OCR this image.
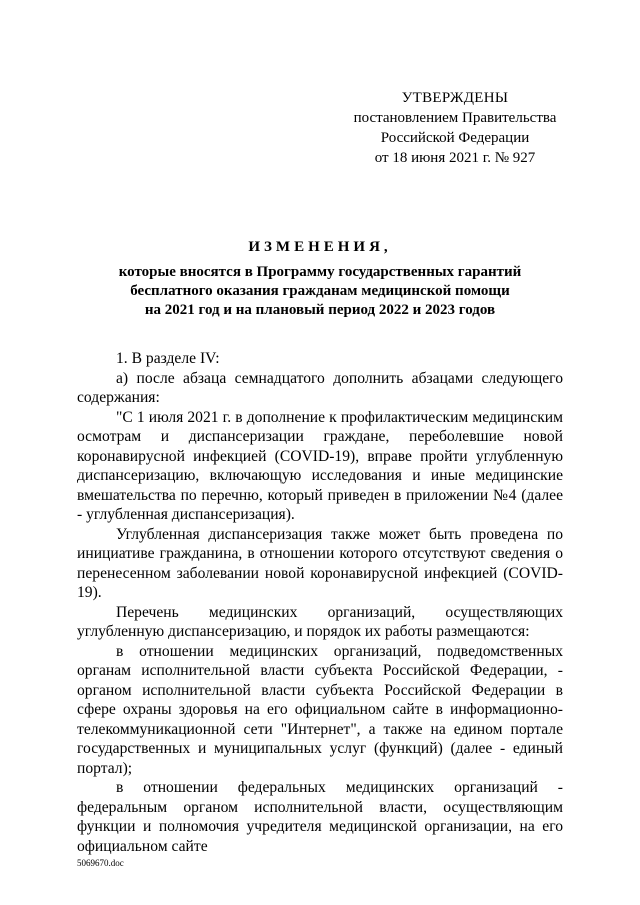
УТВЕРЖДЕНЫ
постановлением Правительства
Российской Федерации
от 18 июня 2021 г. № 927
ИЗМЕНЕНИЯ,
которые вносятся в Программу государственных гарантий
бесплатного оказания гражданам медицинской помощи
на 2021 год и на плановый период 2022 и 2023 годов

1. В разделе IV:

а) после абзаца семнадцатого дополнить абзацами следующего содержания:

"С 1 июля 2021 г. в дополнение к профилактическим медицинским осмотрам и диспансеризации граждане, переболевшие новой коронавирусной инфекцией (COVID-19), вправе пройти углубленную диспансеризацию, включающую исследования и иные медицинские вмешательства по перечню, который приведен в приложении №4 (далее - углубленная диспансеризация).

Углубленная диспансеризация также может быть проведена по инициативе гражданина, в отношении которого отсутствуют сведения о перенесенном заболевании новой коронавирусной инфекцией (COVID-19).

Перечень медицинских организаций, осуществляющих углубленную диспансеризацию, и порядок их работы размещаются:

в отношении медицинских организаций, подведомственных органам исполнительной власти субъекта Российской Федерации, - органом исполнительной власти субъекта Российской Федерации в сфере охраны здоровья на его официальном сайте в информационно-телекоммуникационной сети "Интернет", а также на едином портале государственных и муниципальных услуг (функций) (далее - единый портал);

в отношении федеральных медицинских организаций - федеральным органом исполнительной власти, осуществляющим функции и полномочия учредителя медицинской организации, на его официальном сайте

5069670.doc
